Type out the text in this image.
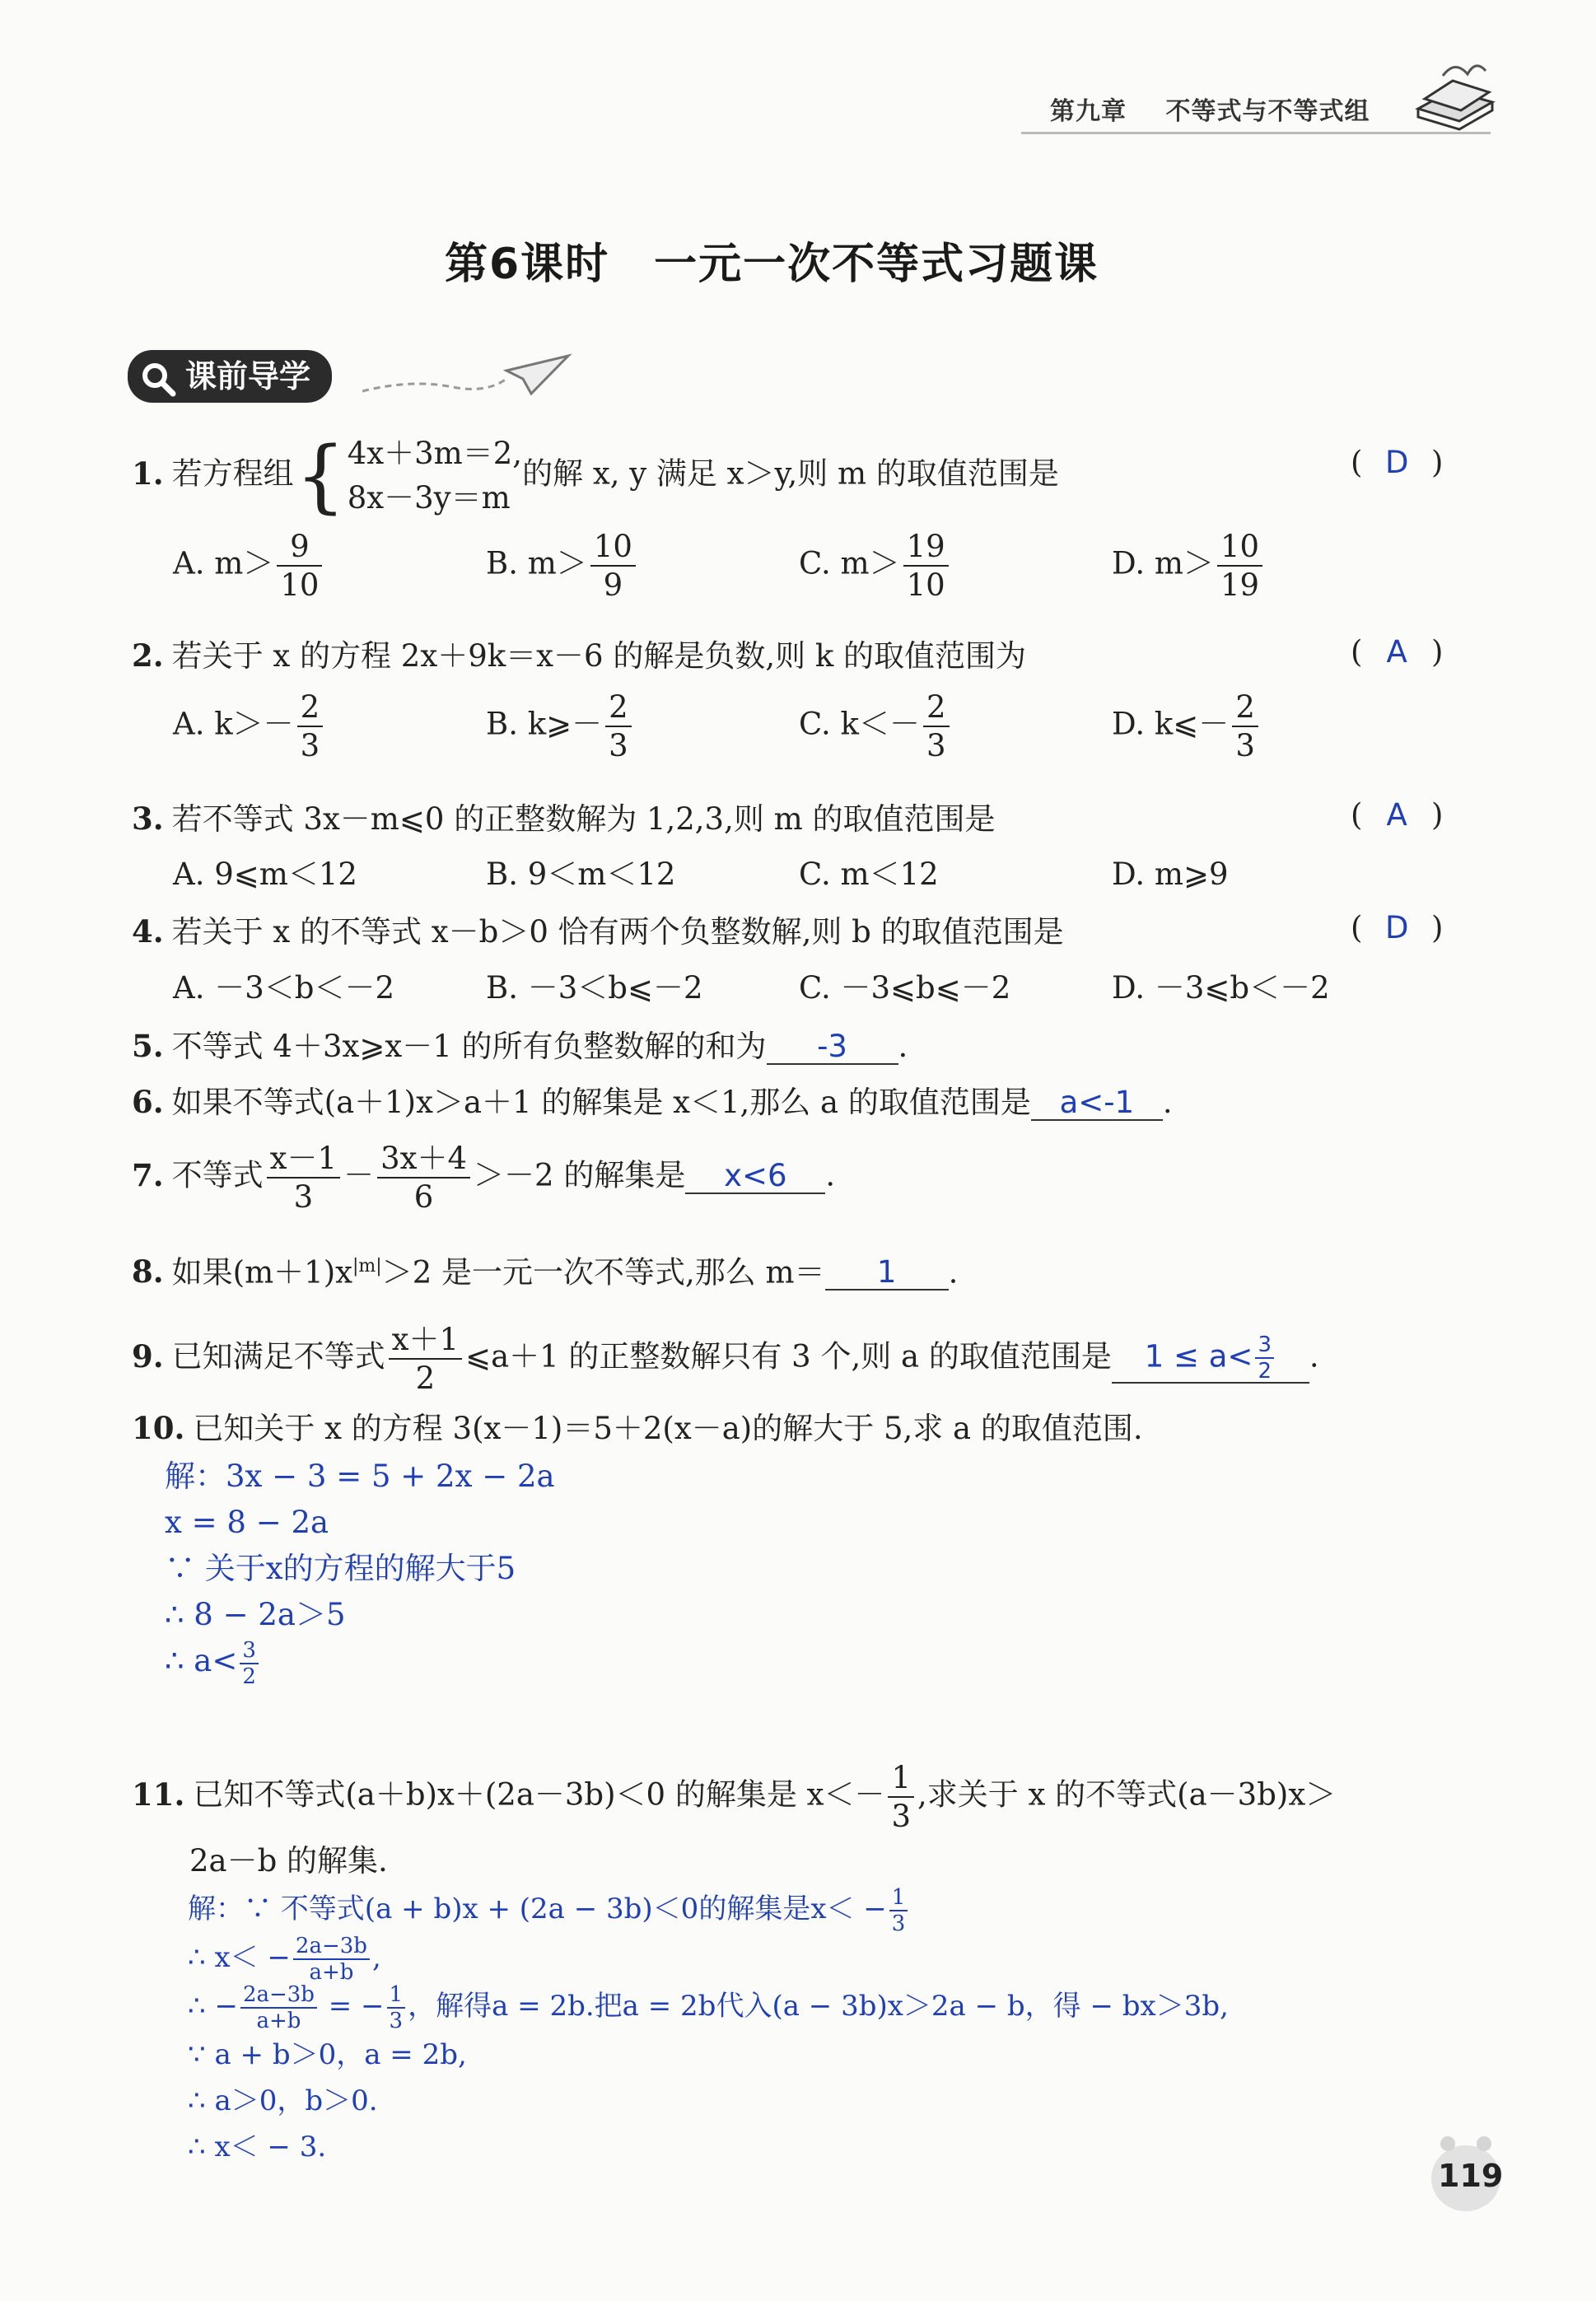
第九章 不等式与不等式组
第6课时　一元一次不等式习题课
课前导学
1. 若方程组{ 4x＋3m＝2,
8x－3y＝m
的解 x, y 满足 x＞y,则 m 的取值范围是	( D )
A. $m> \frac{9}{10}$	B. $m> \frac{10}{9}$	C. $m> \frac{19}{10}$	D. $m> \frac{10}{19}$
2. 若关于 x 的方程 2x＋9k＝x－6 的解是负数,则 k 的取值范围为	( A )
A. $k>- \frac{2}{3}$	B. k⩾－ $\frac{2}{3}$	C. $k<- \frac{2}{3}$	D. k⩽－ $\frac{2}{3}$
3. 若不等式 3x－m⩽0 的正整数解为 1,2,3,则 m 的取值范围是	( A )
A. 9⩽m＜12	B. 9＜m＜12	C. m＜12	D. m⩾9
4. 若关于 x 的不等式 x－b＞0 恰有两个负整数解,则 b 的取值范围是	( D )
A. －3＜b＜－2	B. －3＜b⩽－2	C. －3⩽b⩽－2	D. －3⩽b＜－2
5. 不等式 4＋3x⩾x－1 的所有负整数解的和为 -3 .
6. 如果不等式(a＋1)x＞a＋1 的解集是 x＜1,那么 a 的取值范围是 a<-1 .
7. 不等式 $\frac{x-1}{3} - \frac{3x+4}{6} >-2$ 的解集是 x<6 .
8. 如果$(m+1)x^{|m|}>2$ 是一元一次不等式,那么 m＝ 1 .
9. 已知满足不等式 $\frac{x+1}{2}$ ⩽a＋1 的正整数解只有 3 个,则 a 的取值范围是 $1 \le a< \frac{3}{2}$ .
10. 已知关于 x 的方程 3(x－1)＝5＋2(x－a)的解大于 5,求 a 的取值范围.
解：3x − 3 = 5 + 2x − 2a
x = 8 − 2a
∵ 关于x的方程的解大于5
∴ 8 − 2a＞5
∴ $a< \frac{3}{2}$
11. 已知不等式(a＋b)x＋(2a－3b)＜0 的解集是 $x<- \frac{1}{3}$ ,求关于 x 的不等式(a－3b)x＞
2a－b 的解集.
解：∵ 不等式(a + b)x + (2a − 3b)＜0的解集是$x< - \frac{1}{3}$
∴ $x< - \frac{2a-3b}{a+b}$ ,
∴ − $\frac{2a-3b}{a+b}$ = − $\frac{1}{3}$ ，解得a = 2b.把a = 2b代入(a − 3b)x＞2a − b，得 − bx＞3b,
∵ a + b＞0，a = 2b,
∴ a＞0，b＞0.
∴ x＜ − 3.
119
